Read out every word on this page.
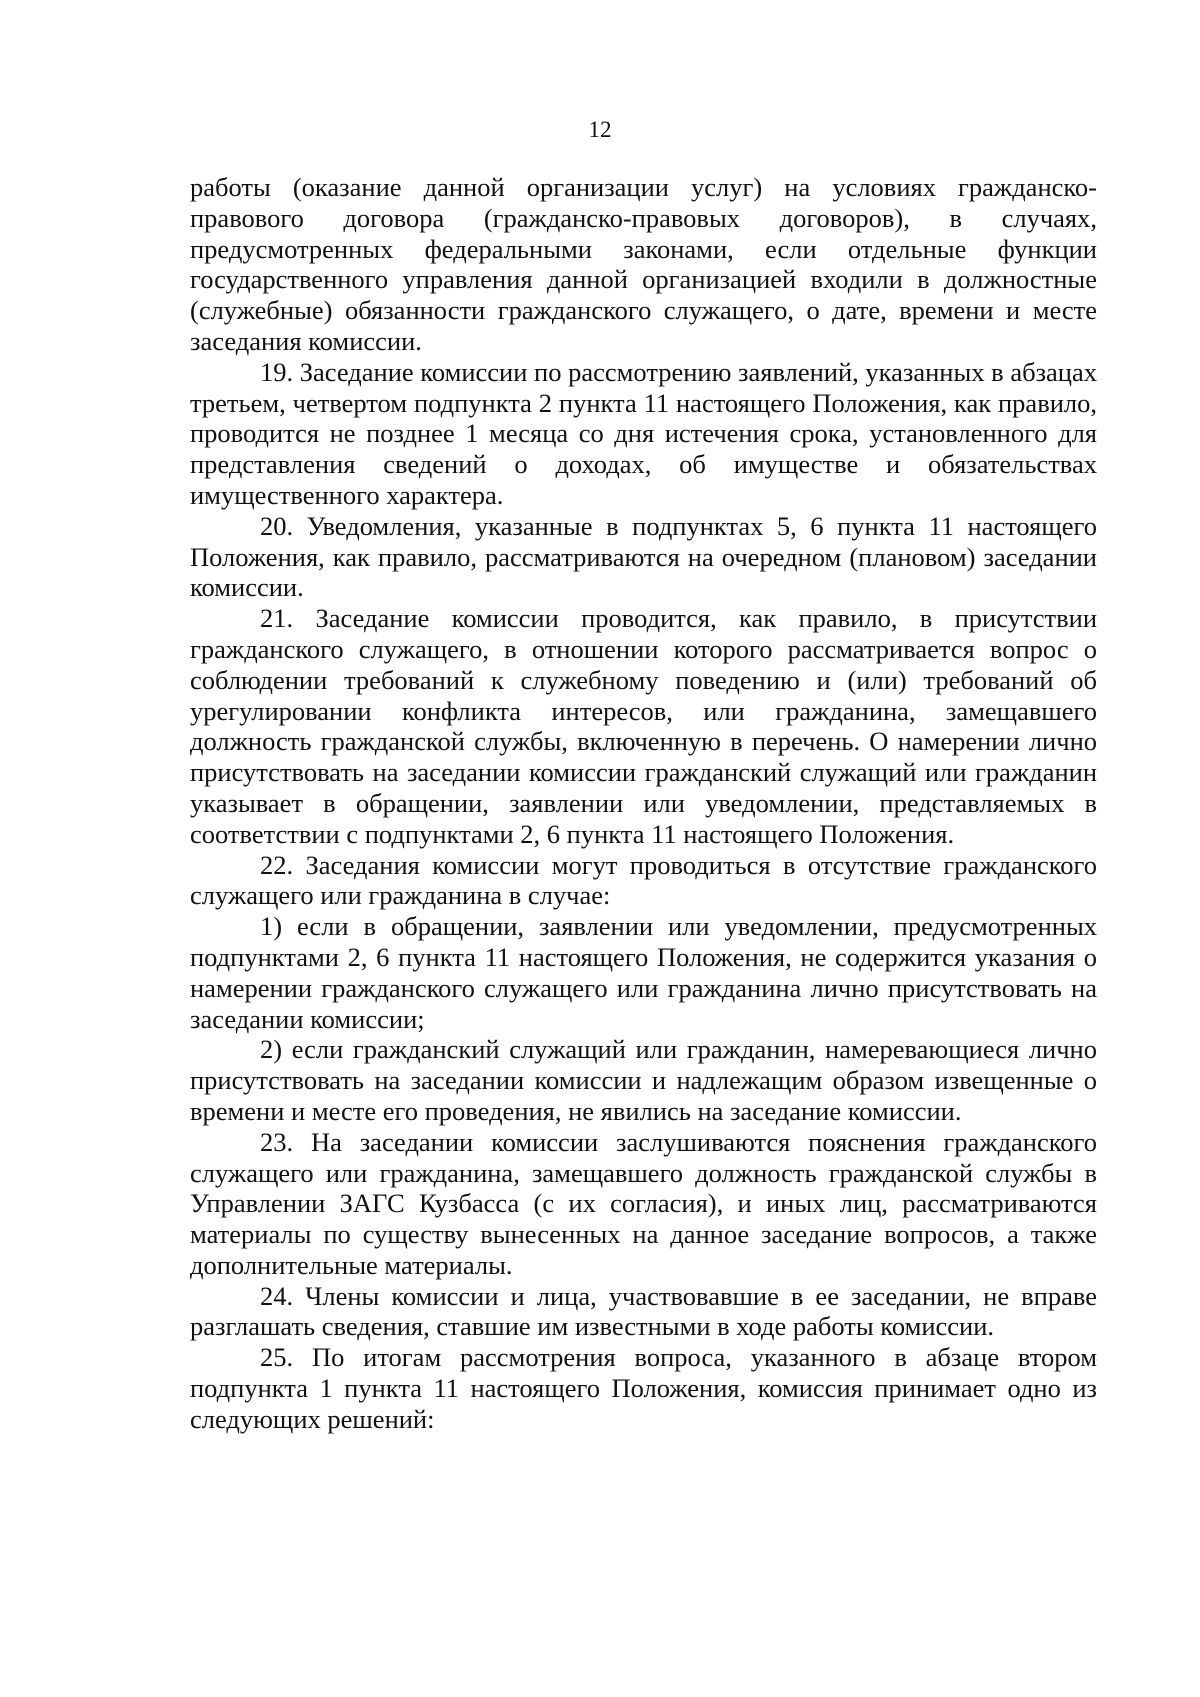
12

работы (оказание данной организации услуг) на условиях гражданско-правового договора (гражданско-правовых договоров), в случаях, предусмотренных федеральными законами, если отдельные функции государственного управления данной организацией входили в должностные (служебные) обязанности гражданского служащего, о дате, времени и месте заседания комиссии.

19. Заседание комиссии по рассмотрению заявлений, указанных в абзацах третьем, четвертом подпункта 2 пункта 11 настоящего Положения, как правило, проводится не позднее 1 месяца со дня истечения срока, установленного для представления сведений о доходах, об имуществе и обязательствах имущественного характера.

20. Уведомления, указанные в подпунктах 5, 6 пункта 11 настоящего Положения, как правило, рассматриваются на очередном (плановом) заседании комиссии.

21. Заседание комиссии проводится, как правило, в присутствии гражданского служащего, в отношении которого рассматривается вопрос о соблюдении требований к служебному поведению и (или) требований об урегулировании конфликта интересов, или гражданина, замещавшего должность гражданской службы, включенную в перечень. О намерении лично присутствовать на заседании комиссии гражданский служащий или гражданин указывает в обращении, заявлении или уведомлении, представляемых в соответствии с подпунктами 2, 6 пункта 11 настоящего Положения.

22. Заседания комиссии могут проводиться в отсутствие гражданского служащего или гражданина в случае:

1) если в обращении, заявлении или уведомлении, предусмотренных подпунктами 2, 6 пункта 11 настоящего Положения, не содержится указания о намерении гражданского служащего или гражданина лично присутствовать на заседании комиссии;

2) если гражданский служащий или гражданин, намеревающиеся лично присутствовать на заседании комиссии и надлежащим образом извещенные о времени и месте его проведения, не явились на заседание комиссии.

23. На заседании комиссии заслушиваются пояснения гражданского служащего или гражданина, замещавшего должность гражданской службы в Управлении ЗАГС Кузбасса (с их согласия), и иных лиц, рассматриваются материалы по существу вынесенных на данное заседание вопросов, а также дополнительные материалы.

24. Члены комиссии и лица, участвовавшие в ее заседании, не вправе разглашать сведения, ставшие им известными в ходе работы комиссии.

25. По итогам рассмотрения вопроса, указанного в абзаце втором подпункта 1 пункта 11 настоящего Положения, комиссия принимает одно из следующих решений:
